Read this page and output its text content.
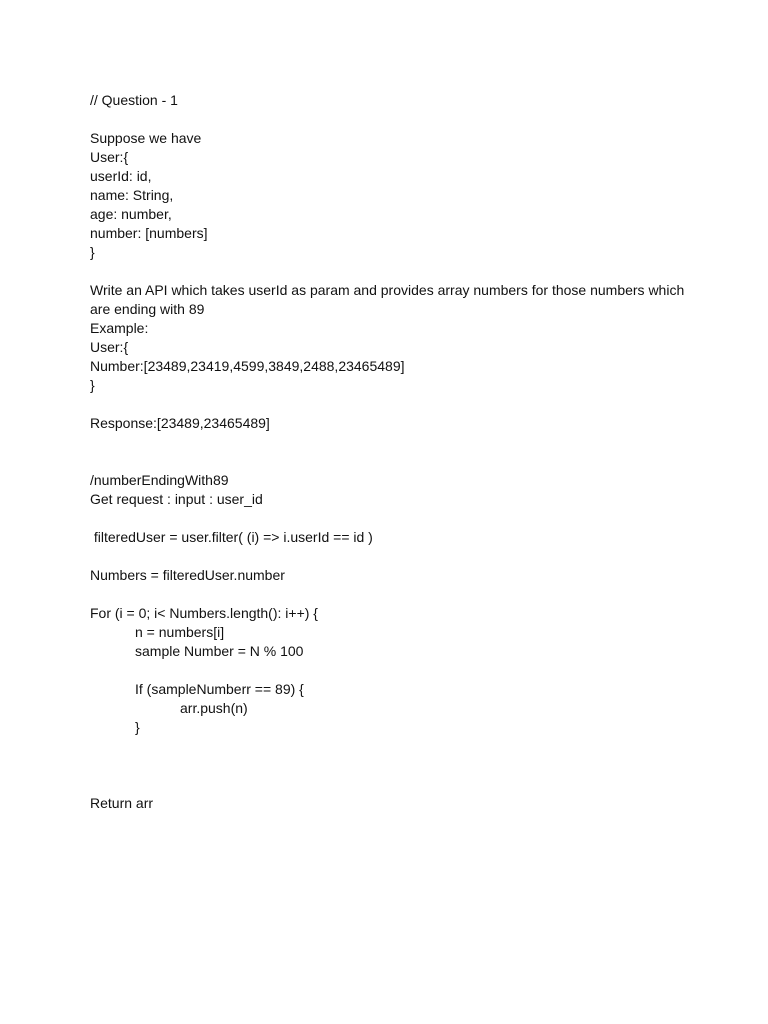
// Question - 1
Suppose we have
User:{
userId: id,
name: String,
age: number,
number: [numbers]
}
Write an API which takes userId as param and provides array numbers for those numbers which are ending with 89
Example:
User:{
Number:[23489,23419,4599,3849,2488,23465489]
}
Response:[23489,23465489]
/numberEndingWith89
Get request : input : user_id
filteredUser = user.filter( (i) => i.userId == id )
Numbers = filteredUser.number
For (i = 0; i< Numbers.length(): i++) {
n = numbers[i]
sample Number = N % 100
If (sampleNumberr == 89) {
arr.push(n)
}
Return arr
